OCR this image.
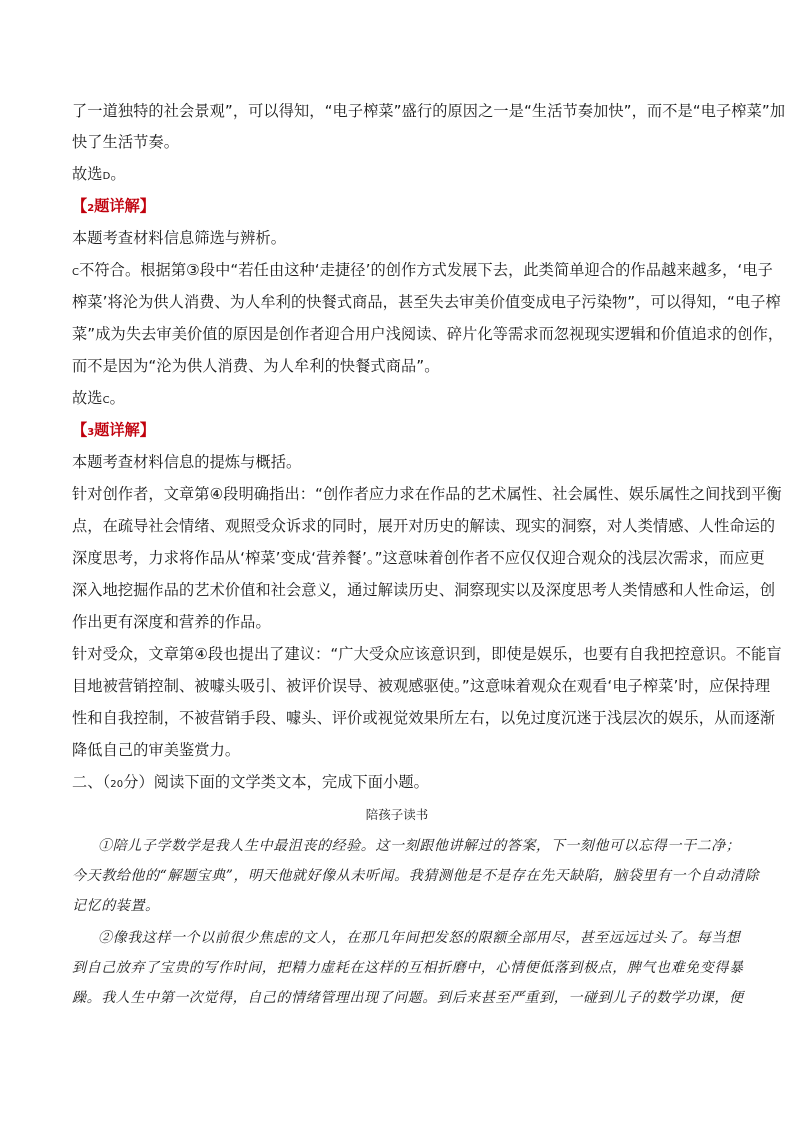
了一道独特的社会景观”，可以得知，“电子榨菜”盛行的原因之一是“生活节奏加快”，而不是“电子榨菜”加
快了生活节奏。
故选D。
【2题详解】
本题考查材料信息筛选与辨析。
C不符合。根据第③段中“若任由这种‘走捷径’的创作方式发展下去，此类简单迎合的作品越来越多，‘电子
榨菜’将沦为供人消费、为人牟利的快餐式商品，甚至失去审美价值变成电子污染物”，可以得知，“电子榨
菜”成为失去审美价值的原因是创作者迎合用户浅阅读、碎片化等需求而忽视现实逻辑和价值追求的创作，
而不是因为“沦为供人消费、为人牟利的快餐式商品”。
故选C。
【3题详解】
本题考查材料信息的提炼与概括。
针对创作者，文章第④段明确指出：“创作者应力求在作品的艺术属性、社会属性、娱乐属性之间找到平衡
点，在疏导社会情绪、观照受众诉求的同时，展开对历史的解读、现实的洞察，对人类情感、人性命运的
深度思考，力求将作品从‘榨菜’变成‘营养餐’。”这意味着创作者不应仅仅迎合观众的浅层次需求，而应更
深入地挖掘作品的艺术价值和社会意义，通过解读历史、洞察现实以及深度思考人类情感和人性命运，创
作出更有深度和营养的作品。
针对受众，文章第④段也提出了建议：“广大受众应该意识到，即使是娱乐，也要有自我把控意识。不能盲
目地被营销控制、被噱头吸引、被评价误导、被观感驱使。”这意味着观众在观看‘电子榨菜’时，应保持理
性和自我控制，不被营销手段、噱头、评价或视觉效果所左右，以免过度沉迷于浅层次的娱乐，从而逐渐
降低自己的审美鉴赏力。
二、（20分）阅读下面的文学类文本，完成下面小题。
陪孩子读书
①陪儿子学数学是我人生中最沮丧的经验。这一刻跟他讲解过的答案，下一刻他可以忘得一干二净；
今天教给他的“解题宝典”，明天他就好像从未听闻。我猜测他是不是存在先天缺陷，脑袋里有一个自动清除
记忆的装置。
②像我这样一个以前很少焦虑的文人，在那几年间把发怒的限额全部用尽，甚至远远过头了。每当想
到自己放弃了宝贵的写作时间，把精力虚耗在这样的互相折磨中，心情便低落到极点，脾气也难免变得暴
躁。我人生中第一次觉得，自己的情绪管理出现了问题。到后来甚至严重到，一碰到儿子的数学功课，便
